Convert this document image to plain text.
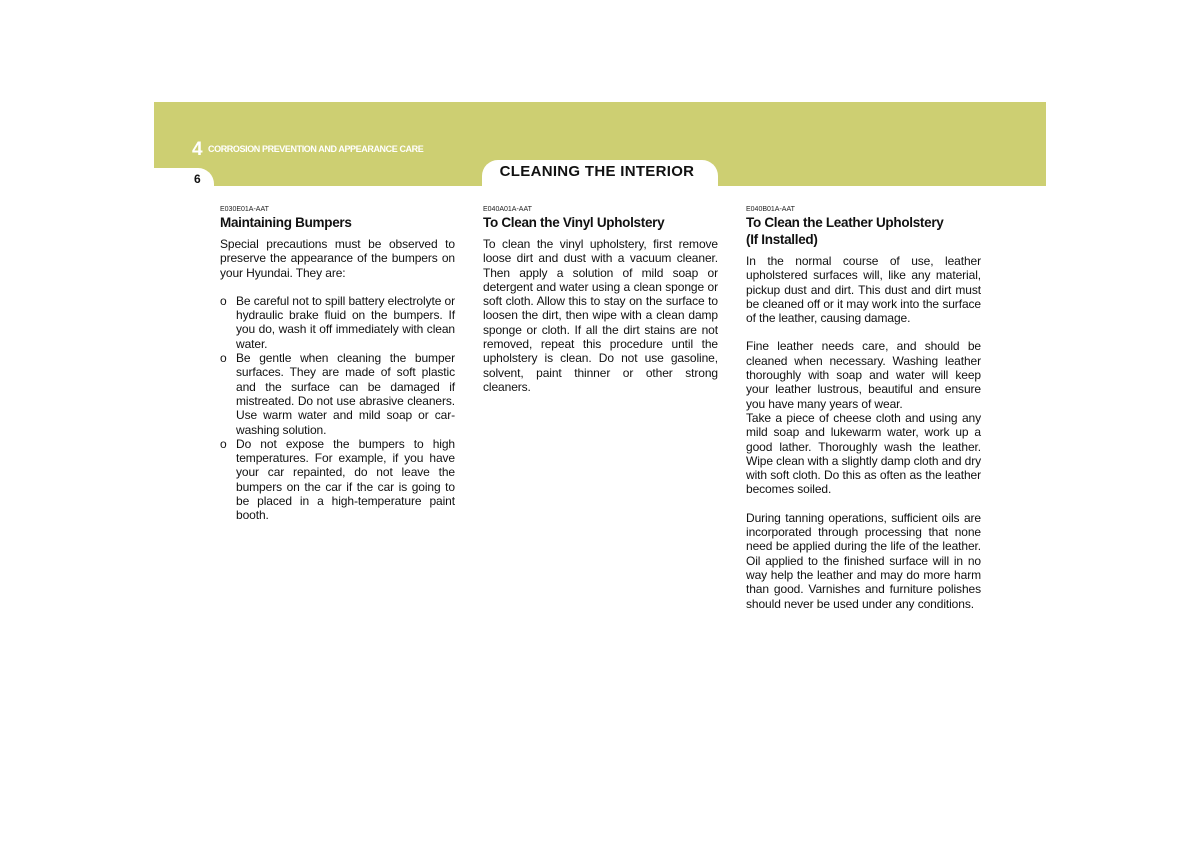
4 CORROSION PREVENTION AND APPEARANCE CARE
6	CLEANING THE INTERIOR
E030E01A-AAT
Maintaining Bumpers

Special precautions must be observed to preserve the appearance of the bumpers on your Hyundai. They are:

o Be careful not to spill battery electrolyte or hydraulic brake fluid on the bumpers. If you do, wash it off immediately with clean water.
o Be gentle when cleaning the bumper surfaces. They are made of soft plastic and the surface can be damaged if mistreated. Do not use abrasive cleaners. Use warm water and mild soap or car-washing solution.
o Do not expose the bumpers to high temperatures. For example, if you have your car repainted, do not leave the bumpers on the car if the car is going to be placed in a high-temperature paint booth.
E040A01A-AAT
To Clean the Vinyl Upholstery

To clean the vinyl upholstery, first remove loose dirt and dust with a vacuum cleaner. Then apply a solution of mild soap or detergent and water using a clean sponge or soft cloth. Allow this to stay on the surface to loosen the dirt, then wipe with a clean damp sponge or cloth. If all the dirt stains are not removed, repeat this procedure until the upholstery is clean. Do not use gasoline, solvent, paint thinner or other strong cleaners.

E040B01A-AAT
To Clean the Leather Upholstery
(If Installed)

In the normal course of use, leather upholstered surfaces will, like any material, pickup dust and dirt. This dust and dirt must be cleaned off or it may work into the surface of the leather, causing damage.

Fine leather needs care, and should be cleaned when necessary. Washing leather thoroughly with soap and water will keep your leather lustrous, beautiful and ensure you have many years of wear.

Take a piece of cheese cloth and using any mild soap and lukewarm water, work up a good lather. Thoroughly wash the leather. Wipe clean with a slightly damp cloth and dry with soft cloth. Do this as often as the leather becomes soiled.

During tanning operations, sufficient oils are incorporated through processing that none need be applied during the life of the leather. Oil applied to the finished surface will in no way help the leather and may do more harm than good. Varnishes and furniture polishes should never be used under any conditions.
